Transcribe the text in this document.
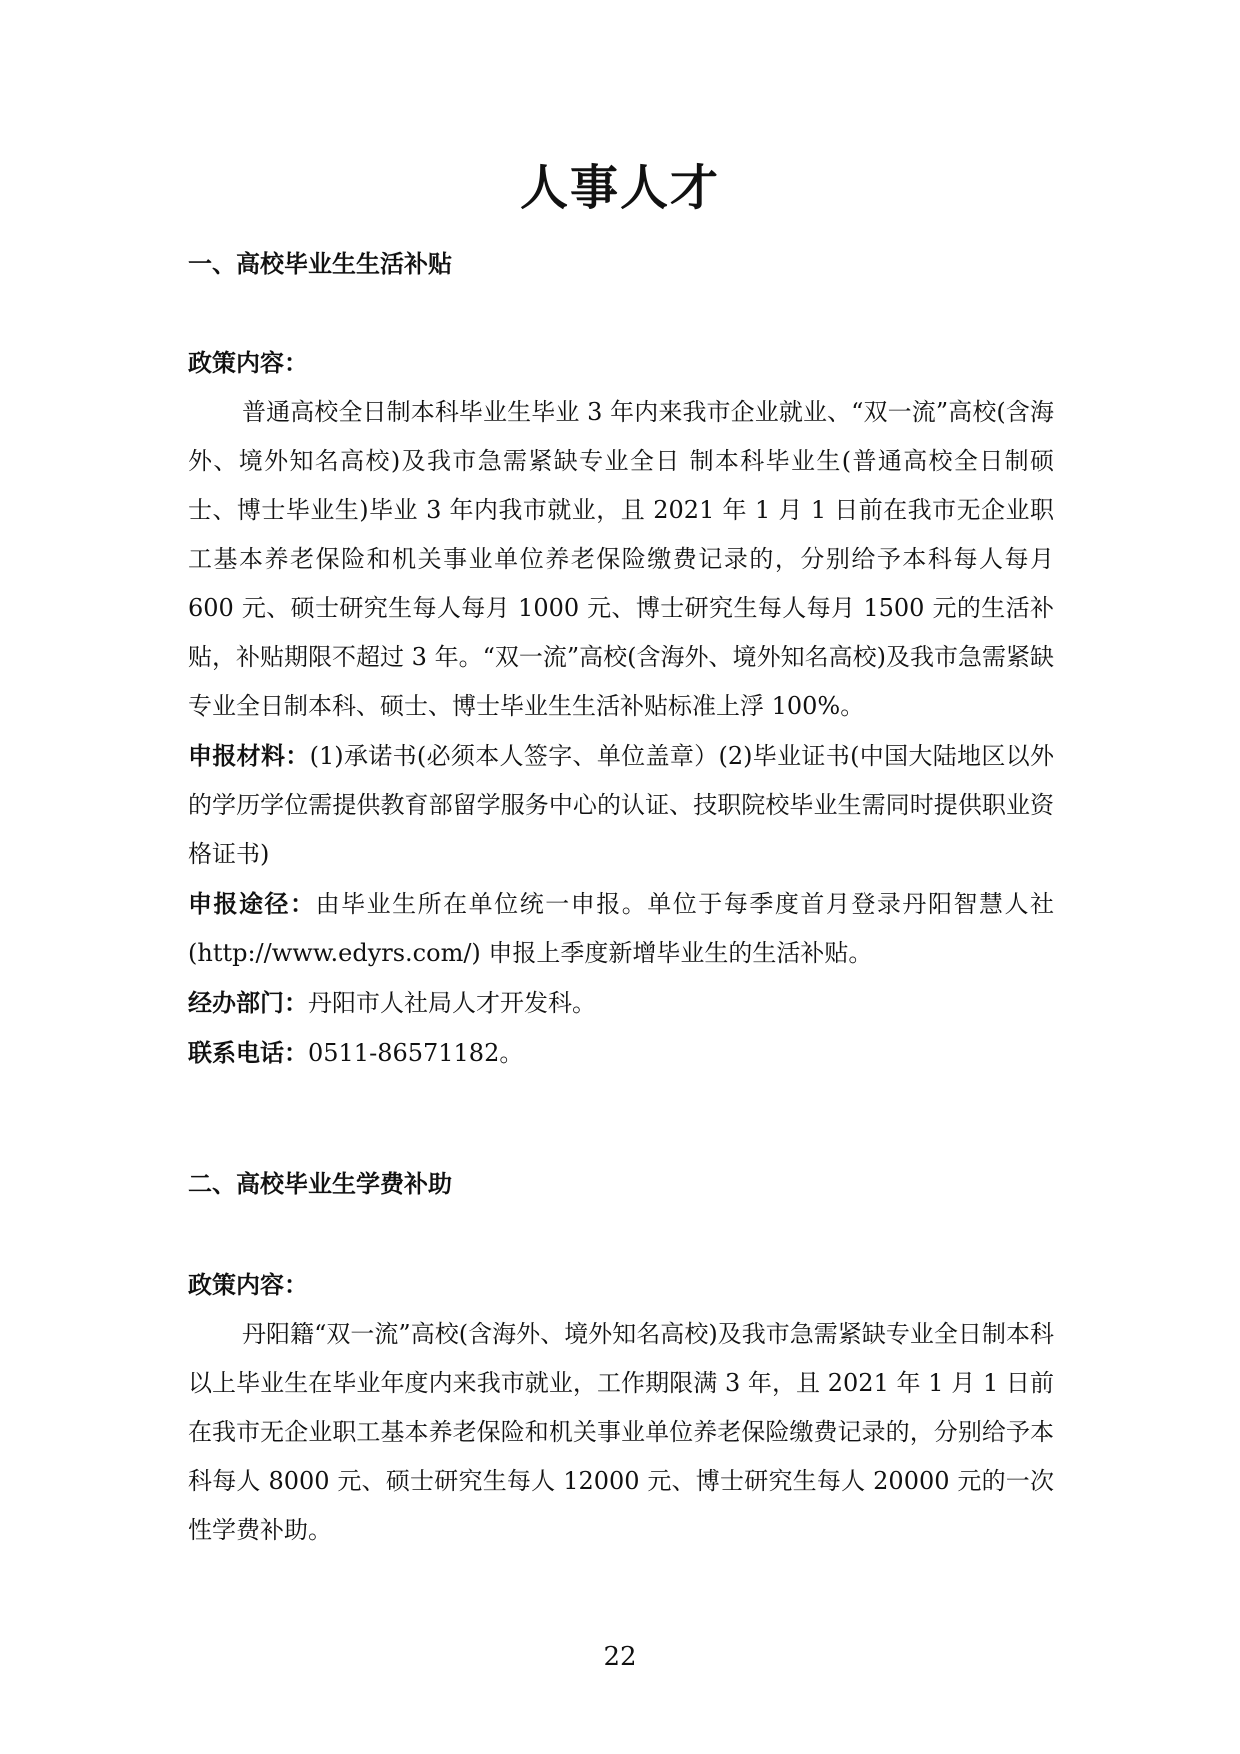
人事人才
一、高校毕业生生活补贴

政策内容：

普通高校全日制本科毕业生毕业 3 年内来我市企业就业、“双一流”高校(含海外、境外知名高校)及我市急需紧缺专业全日 制本科毕业生(普通高校全日制硕士、博士毕业生)毕业 3 年内我市就业，且 2021 年 1 月 1 日前在我市无企业职工基本养老保险和机关事业单位养老保险缴费记录的，分别给予本科每人每月 600 元、硕士研究生每人每月 1000 元、博士研究生每人每月 1500 元的生活补贴，补贴期限不超过 3 年。“双一流”高校(含海外、境外知名高校)及我市急需紧缺专业全日制本科、硕士、博士毕业生生活补贴标准上浮 100%。

申报材料：(1)承诺书(必须本人签字、单位盖章）(2)毕业证书(中国大陆地区以外的学历学位需提供教育部留学服务中心的认证、技职院校毕业生需同时提供职业资格证书)

申报途径：由毕业生所在单位统一申报。单位于每季度首月登录丹阳智慧人社 (http://www.edyrs.com/) 申报上季度新增毕业生的生活补贴。

经办部门：丹阳市人社局人才开发科。

联系电话：0511-86571182。

二、高校毕业生学费补助

政策内容：

丹阳籍“双一流”高校(含海外、境外知名高校)及我市急需紧缺专业全日制本科以上毕业生在毕业年度内来我市就业，工作期限满 3 年，且 2021 年 1 月 1 日前在我市无企业职工基本养老保险和机关事业单位养老保险缴费记录的，分别给予本科每人 8000 元、硕士研究生每人 12000 元、博士研究生每人 20000 元的一次性学费补助。

22
